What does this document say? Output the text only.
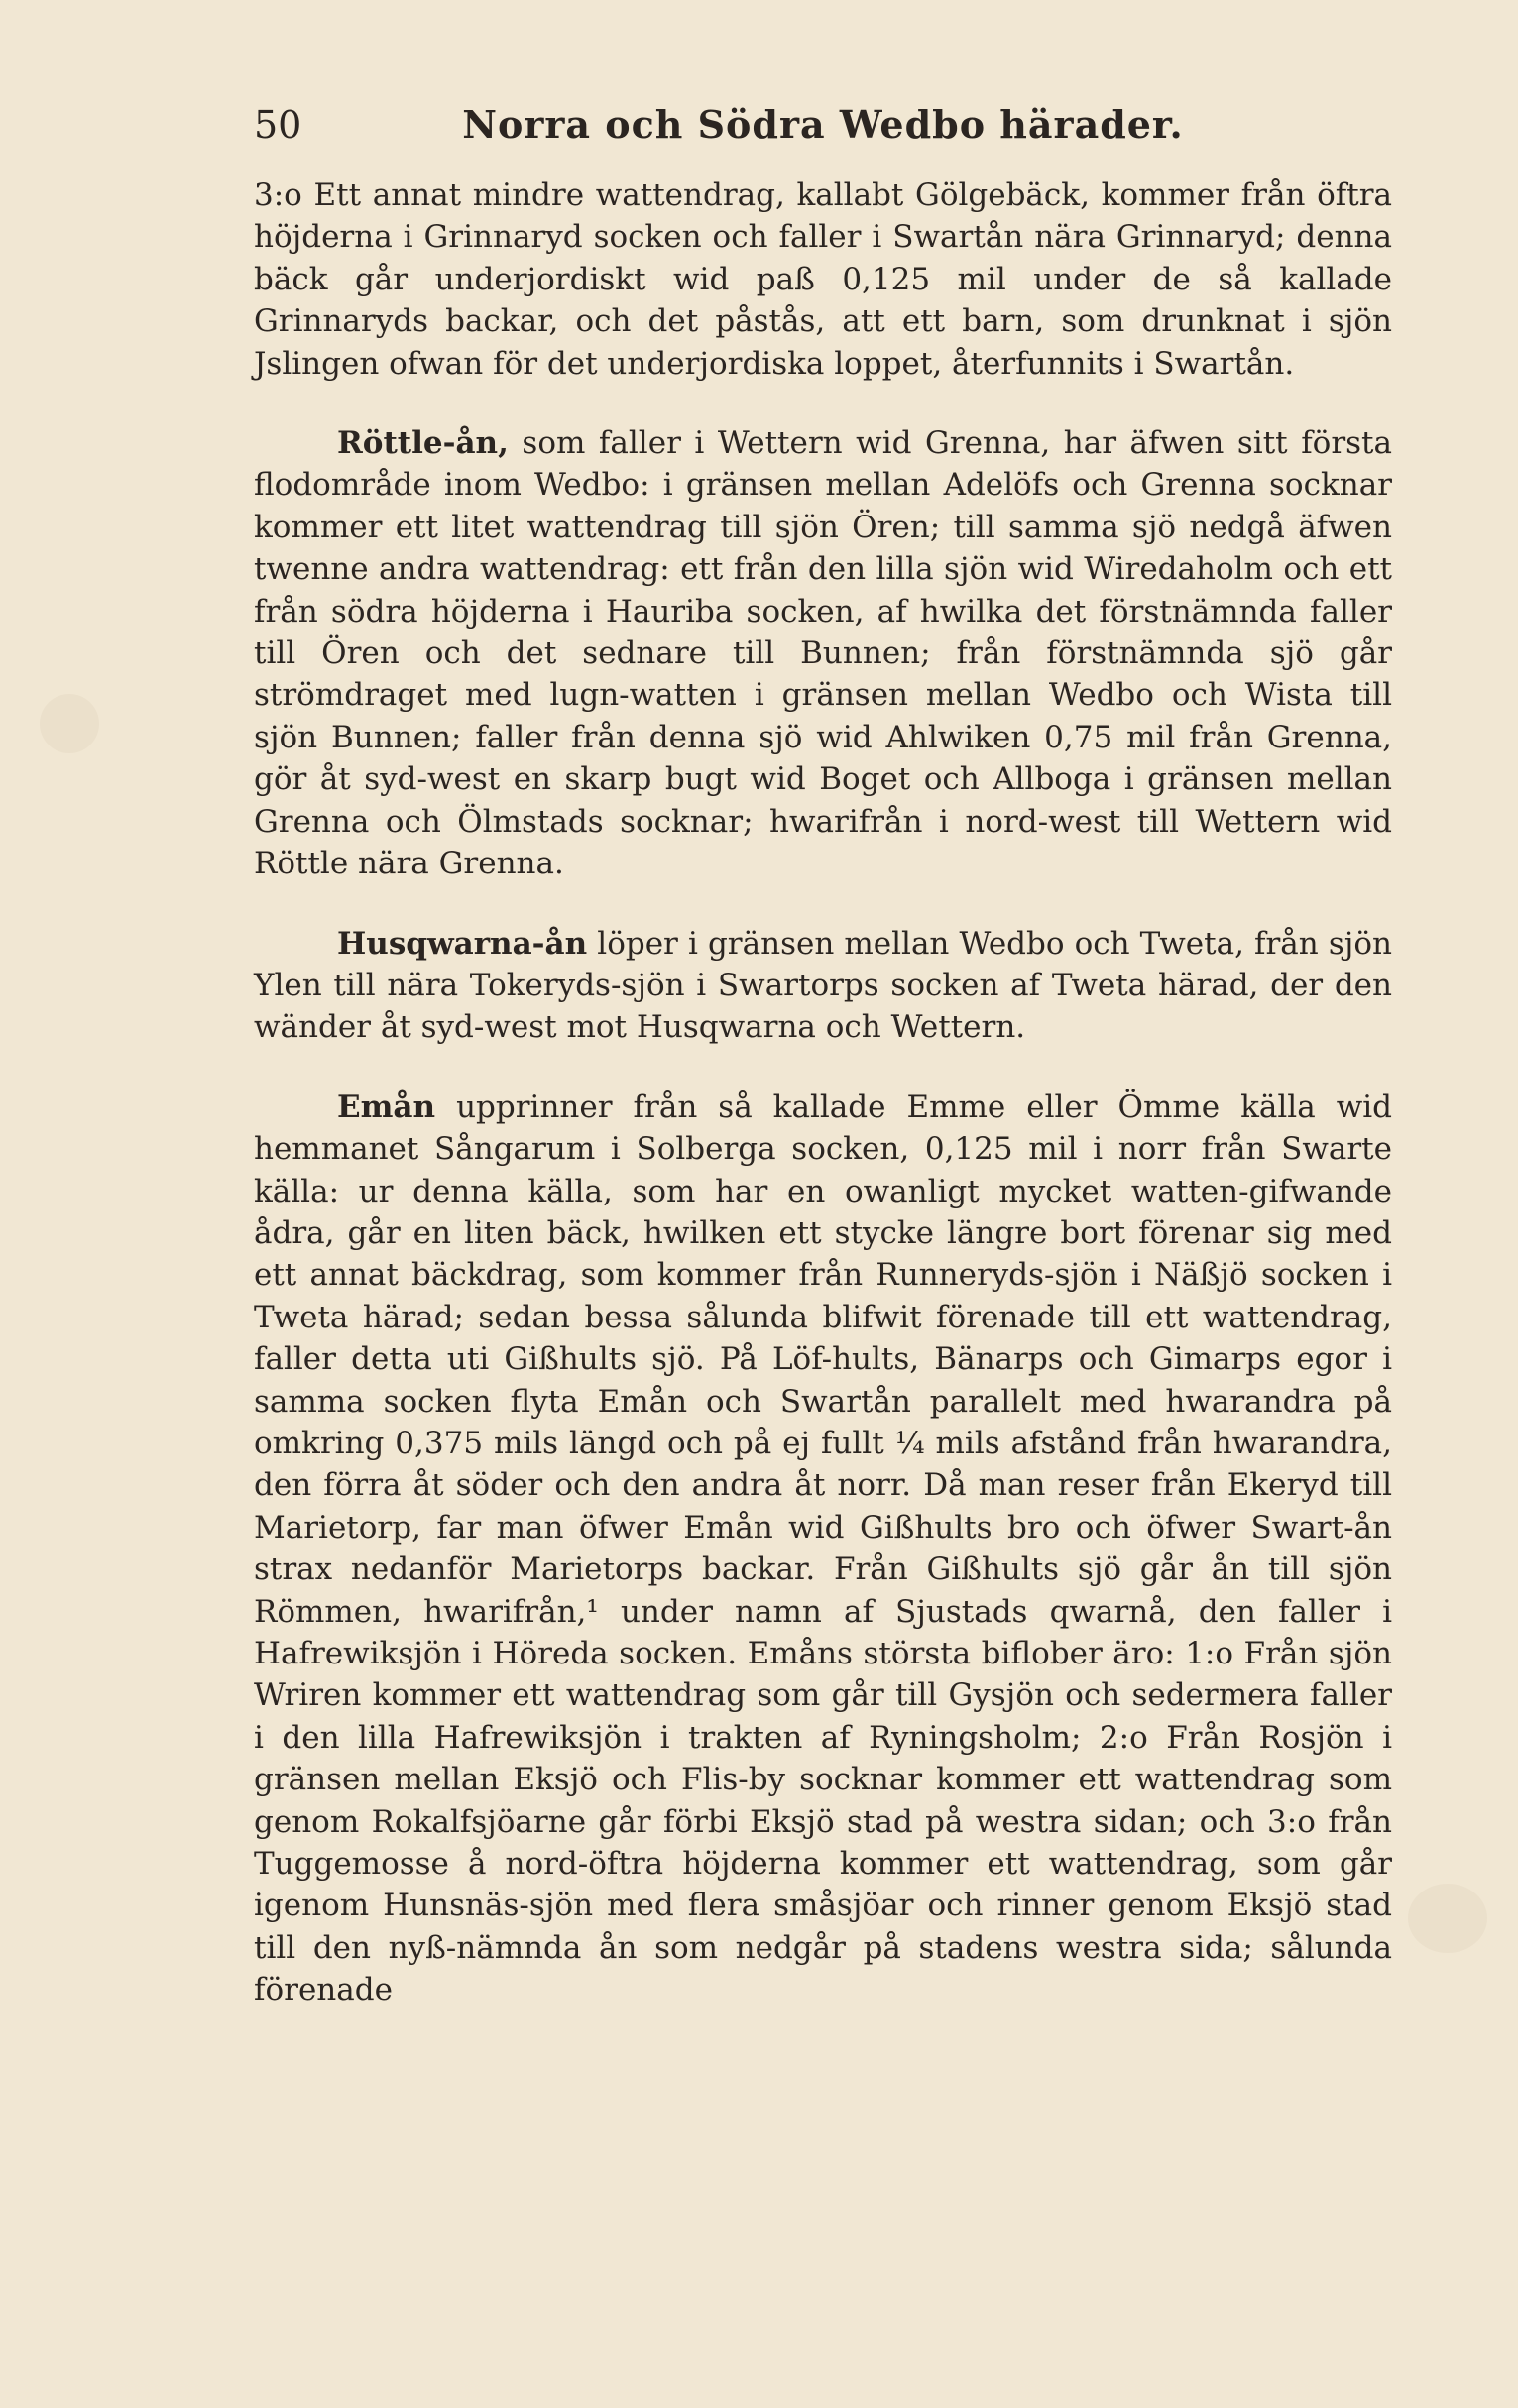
50	Norra och Södra Wedbo härader.

3:o Ett annat mindre wattendrag, kallabt Gölgebäck, kommer från öftra höjderna i Grinnaryd socken och faller i Swartån nära Grinnaryd; denna bäck går underjordiskt wid paß 0,125 mil under de så kallade Grinnaryds backar, och det påstås, att ett barn, som drunknat i sjön Jslingen ofwan för det underjordiska loppet, återfunnits i Swartån.

Röttle-ån, som faller i Wettern wid Grenna, har äfwen sitt första flodområde inom Wedbo: i gränsen mellan Adelöfs och Grenna socknar kommer ett litet wattendrag till sjön Ören; till samma sjö nedgå äfwen twenne andra wattendrag: ett från den lilla sjön wid Wiredaholm och ett från södra höjderna i Hauriba socken, af hwilka det förstnämnda faller till Ören och det sednare till Bunnen; från förstnämnda sjö går strömdraget med lugn-watten i gränsen mellan Wedbo och Wista till sjön Bunnen; faller från denna sjö wid Ahlwiken 0,75 mil från Grenna, gör åt syd-west en skarp bugt wid Boget och Allboga i gränsen mellan Grenna och Ölmstads socknar; hwarifrån i nord-west till Wettern wid Röttle nära Grenna.

Husqwarna-ån löper i gränsen mellan Wedbo och Tweta, från sjön Ylen till nära Tokeryds-sjön i Swartorps socken af Tweta härad, der den wänder åt syd-west mot Husqwarna och Wettern.

Emån upprinner från så kallade Emme eller Ömme källa wid hemmanet Sångarum i Solberga socken, 0,125 mil i norr från Swarte källa: ur denna källa, som har en owanligt mycket watten-gifwande ådra, går en liten bäck, hwilken ett stycke längre bort förenar sig med ett annat bäckdrag, som kommer från Runneryds-sjön i Näßjö socken i Tweta härad; sedan bessa sålunda blifwit förenade till ett wattendrag, faller detta uti Gißhults sjö. På Löf-hults, Bänarps och Gimarps egor i samma socken flyta Emån och Swartån parallelt med hwarandra på omkring 0,375 mils längd och på ej fullt ¼ mils afstånd från hwarandra, den förra åt söder och den andra åt norr. Då man reser från Ekeryd till Marietorp, far man öfwer Emån wid Gißhults bro och öfwer Swart-ån strax nedanför Marietorps backar. Från Gißhults sjö går ån till sjön Römmen, hwarifrån,¹ under namn af Sjustads qwarnå, den faller i Hafrewiksjön i Höreda socken. Emåns största biflober äro: 1:o Från sjön Wriren kommer ett wattendrag som går till Gysjön och sedermera faller i den lilla Hafrewiksjön i trakten af Ryningsholm; 2:o Från Rosjön i gränsen mellan Eksjö och Flis-by socknar kommer ett wattendrag som genom Rokalfsjöarne går förbi Eksjö stad på westra sidan; och 3:o från Tuggemosse å nord-öftra höjderna kommer ett wattendrag, som går igenom Hunsnäs-sjön med flera småsjöar och rinner genom Eksjö stad till den nyß-nämnda ån som nedgår på stadens westra sida; sålunda förenade
